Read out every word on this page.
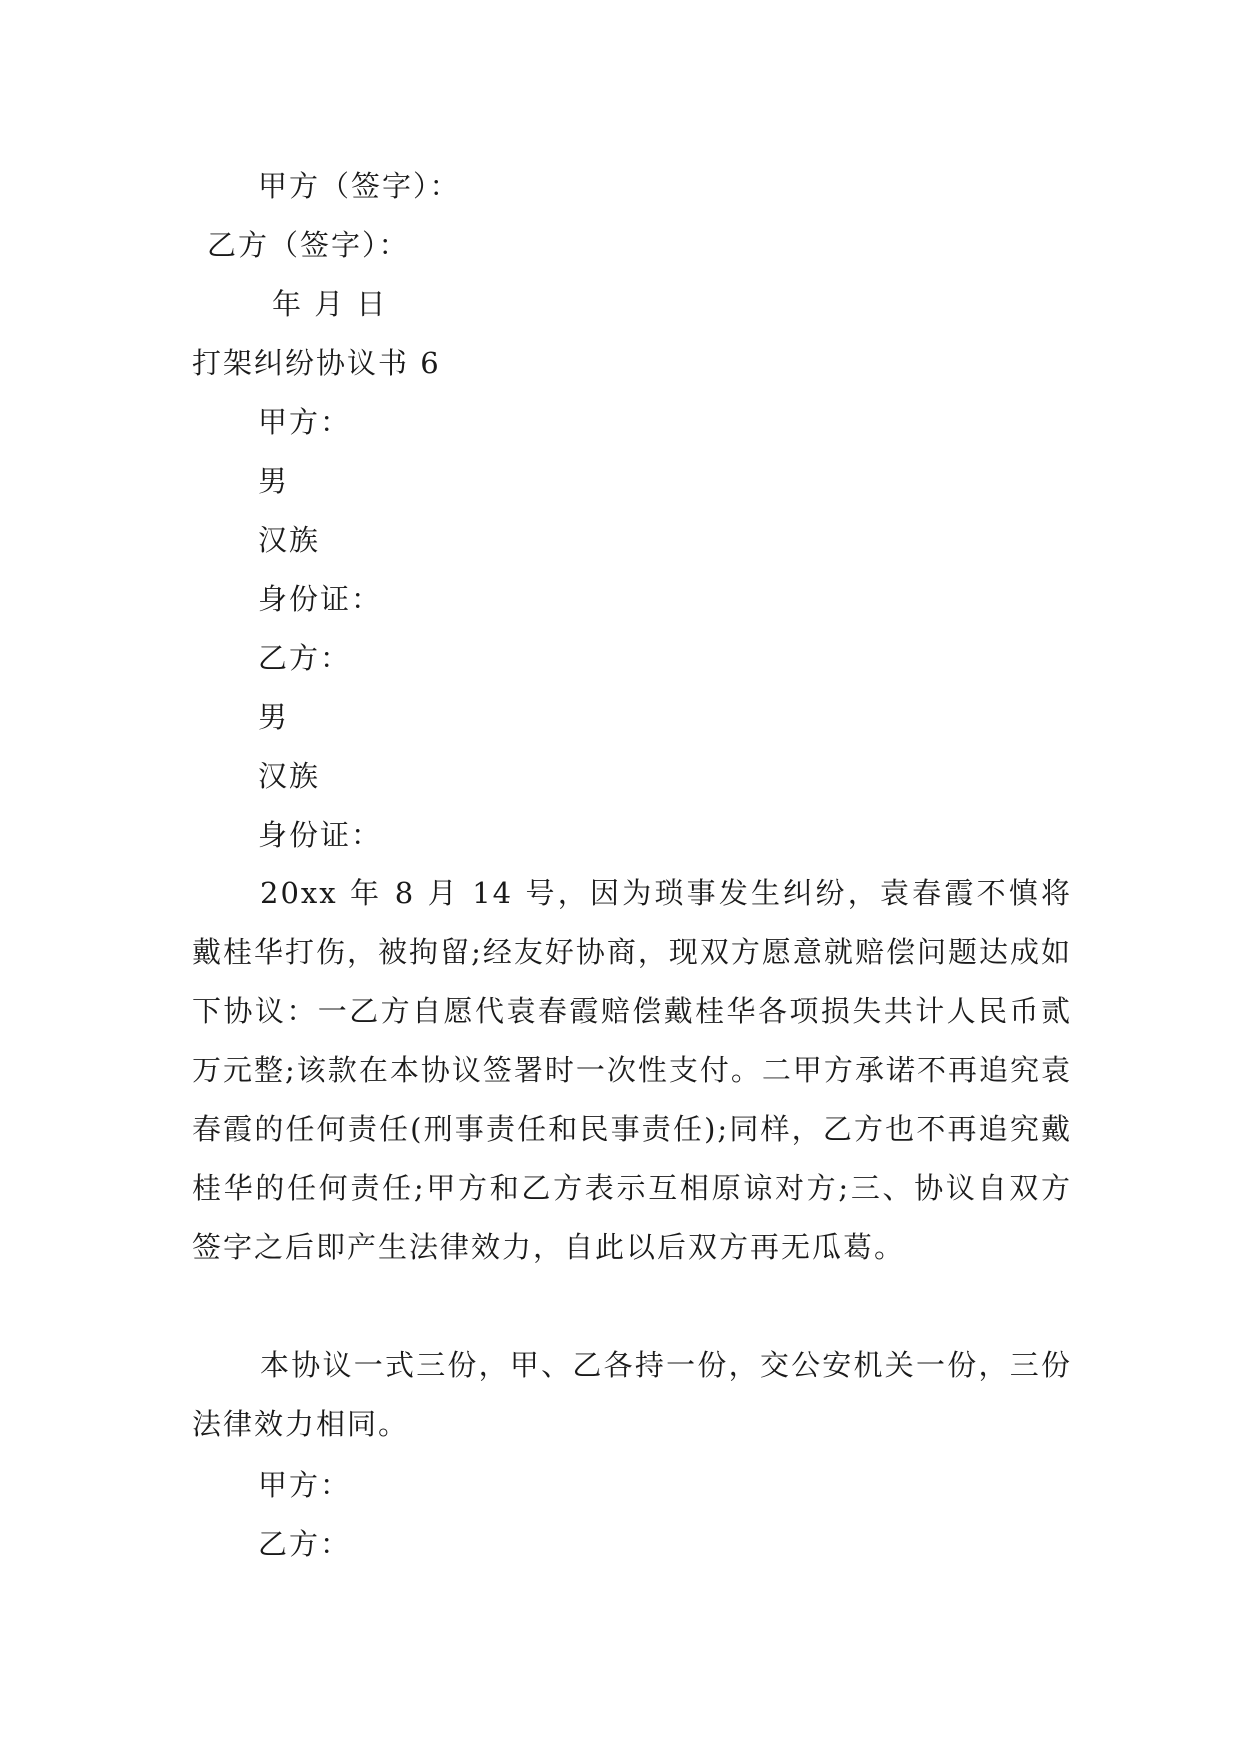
甲方（签字）：
乙方（签字）：
年 月 日
打架纠纷协议书 6
甲方：
男
汉族
身份证：
乙方：
男
汉族
身份证：
20xx 年 8 月 14 号，因为琐事发生纠纷，袁春霞不慎将戴桂华打伤，被拘留;经友好协商，现双方愿意就赔偿问题达成如下协议：一乙方自愿代袁春霞赔偿戴桂华各项损失共计人民币贰万元整;该款在本协议签署时一次性支付。二甲方承诺不再追究袁春霞的任何责任(刑事责任和民事责任);同样，乙方也不再追究戴桂华的任何责任;甲方和乙方表示互相原谅对方;三、协议自双方签字之后即产生法律效力，自此以后双方再无瓜葛。
本协议一式三份，甲、乙各持一份，交公安机关一份，三份法律效力相同。
甲方：
乙方：
